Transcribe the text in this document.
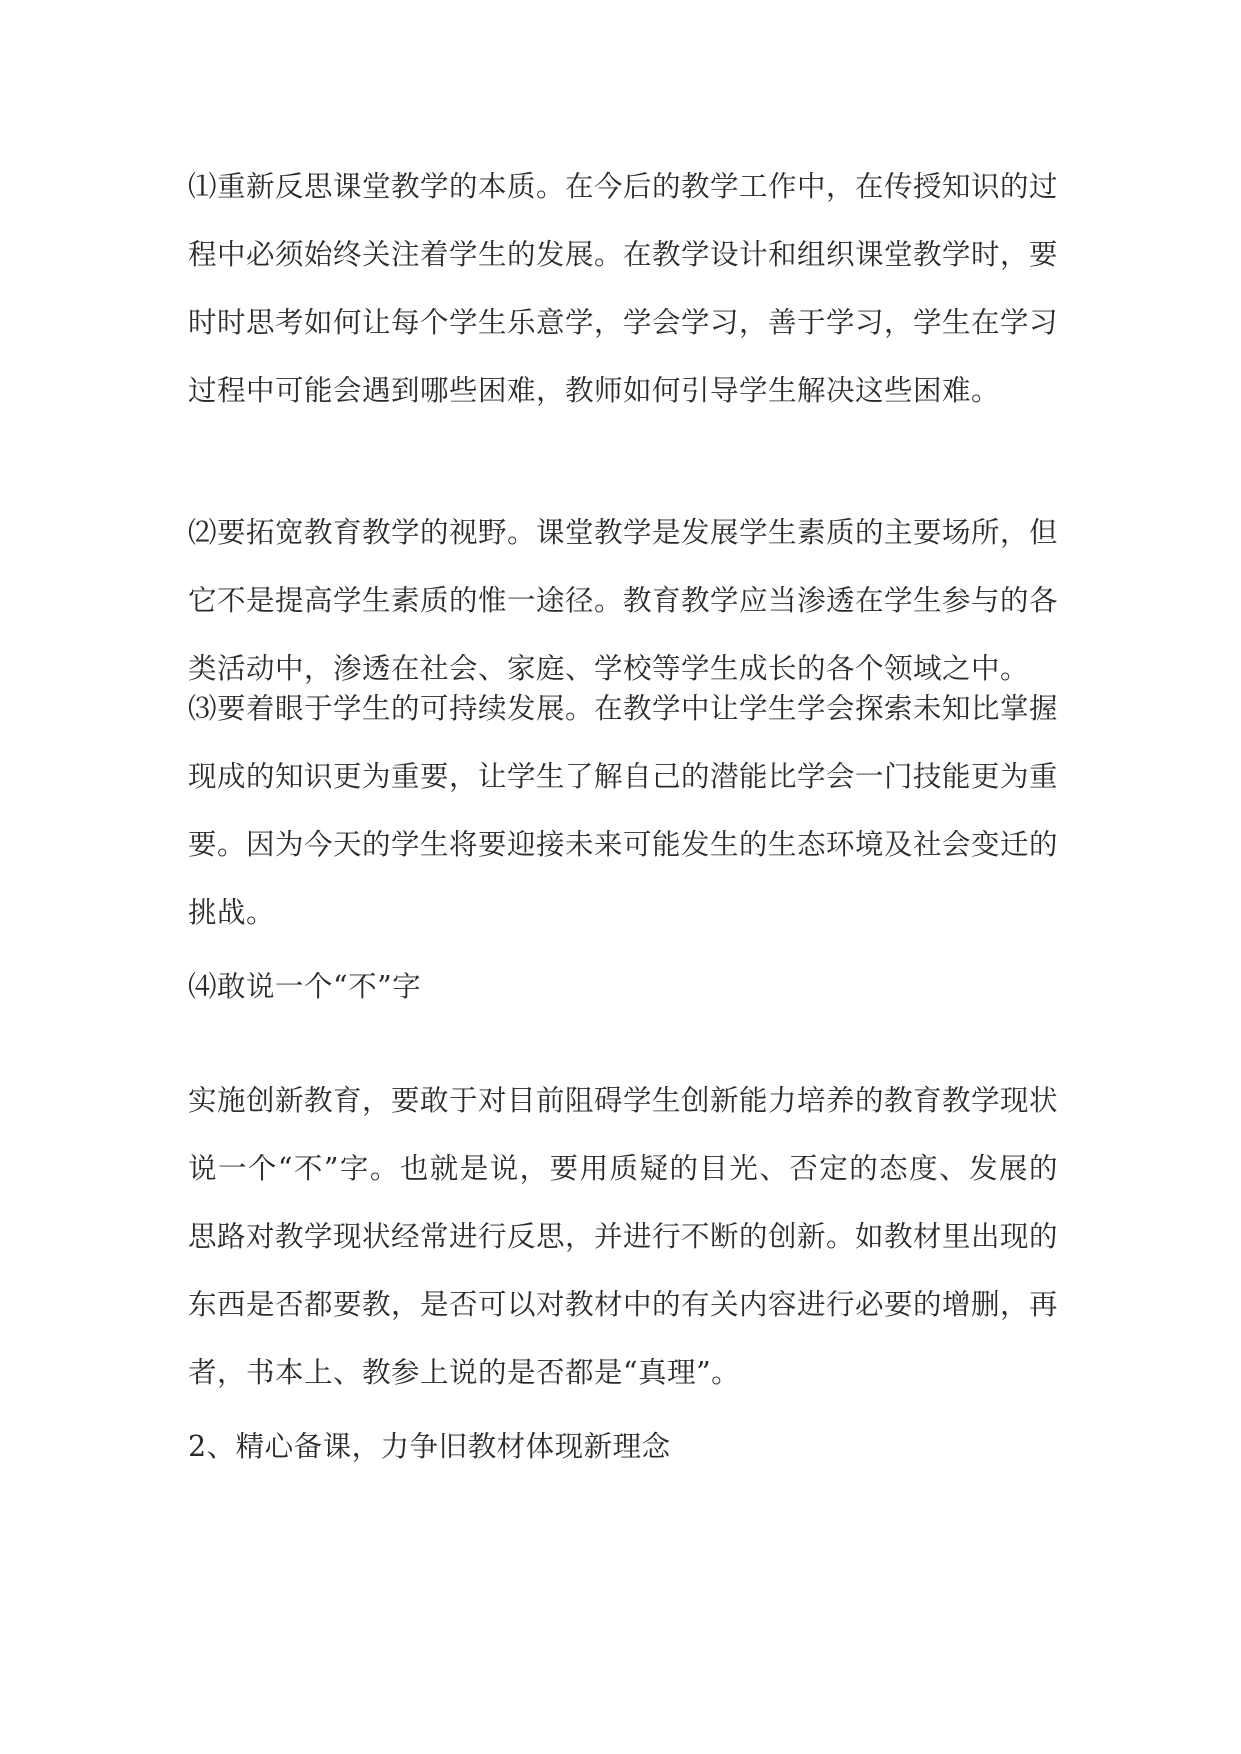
⑴重新反思课堂教学的本质。在今后的教学工作中，在传授知识的过程中必须始终关注着学生的发展。在教学设计和组织课堂教学时，要时时思考如何让每个学生乐意学，学会学习，善于学习，学生在学习过程中可能会遇到哪些困难，教师如何引导学生解决这些困难。

⑵要拓宽教育教学的视野。课堂教学是发展学生素质的主要场所，但它不是提高学生素质的惟一途径。教育教学应当渗透在学生参与的各类活动中，渗透在社会、家庭、学校等学生成长的各个领域之中。

⑶要着眼于学生的可持续发展。在教学中让学生学会探索未知比掌握现成的知识更为重要，让学生了解自己的潜能比学会一门技能更为重要。因为今天的学生将要迎接未来可能发生的生态环境及社会变迁的挑战。

⑷敢说一个“不”字

实施创新教育，要敢于对目前阻碍学生创新能力培养的教育教学现状说一个“不”字。也就是说，要用质疑的目光、否定的态度、发展的思路对教学现状经常进行反思，并进行不断的创新。如教材里出现的东西是否都要教，是否可以对教材中的有关内容进行必要的增删，再者，书本上、教参上说的是否都是“真理”。

2、精心备课，力争旧教材体现新理念
